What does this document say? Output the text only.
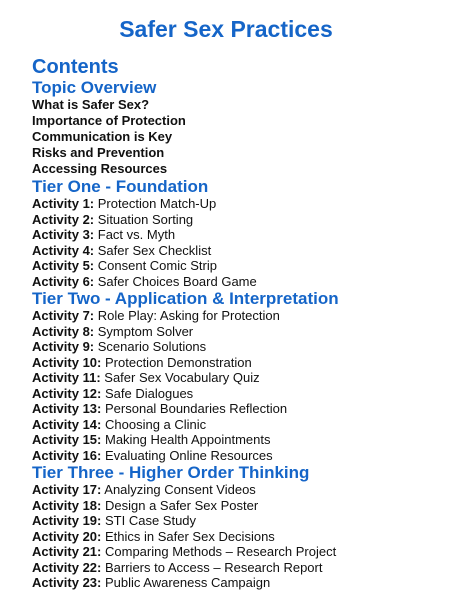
Safer Sex Practices
Contents
Topic Overview
What is Safer Sex?
Importance of Protection
Communication is Key
Risks and Prevention
Accessing Resources
Tier One - Foundation
Activity 1: Protection Match-Up
Activity 2: Situation Sorting
Activity 3: Fact vs. Myth
Activity 4: Safer Sex Checklist
Activity 5: Consent Comic Strip
Activity 6: Safer Choices Board Game
Tier Two - Application & Interpretation
Activity 7: Role Play: Asking for Protection
Activity 8: Symptom Solver
Activity 9: Scenario Solutions
Activity 10: Protection Demonstration
Activity 11: Safer Sex Vocabulary Quiz
Activity 12: Safe Dialogues
Activity 13: Personal Boundaries Reflection
Activity 14: Choosing a Clinic
Activity 15: Making Health Appointments
Activity 16: Evaluating Online Resources
Tier Three - Higher Order Thinking
Activity 17: Analyzing Consent Videos
Activity 18: Design a Safer Sex Poster
Activity 19: STI Case Study
Activity 20: Ethics in Safer Sex Decisions
Activity 21: Comparing Methods – Research Project
Activity 22: Barriers to Access – Research Report
Activity 23: Public Awareness Campaign
